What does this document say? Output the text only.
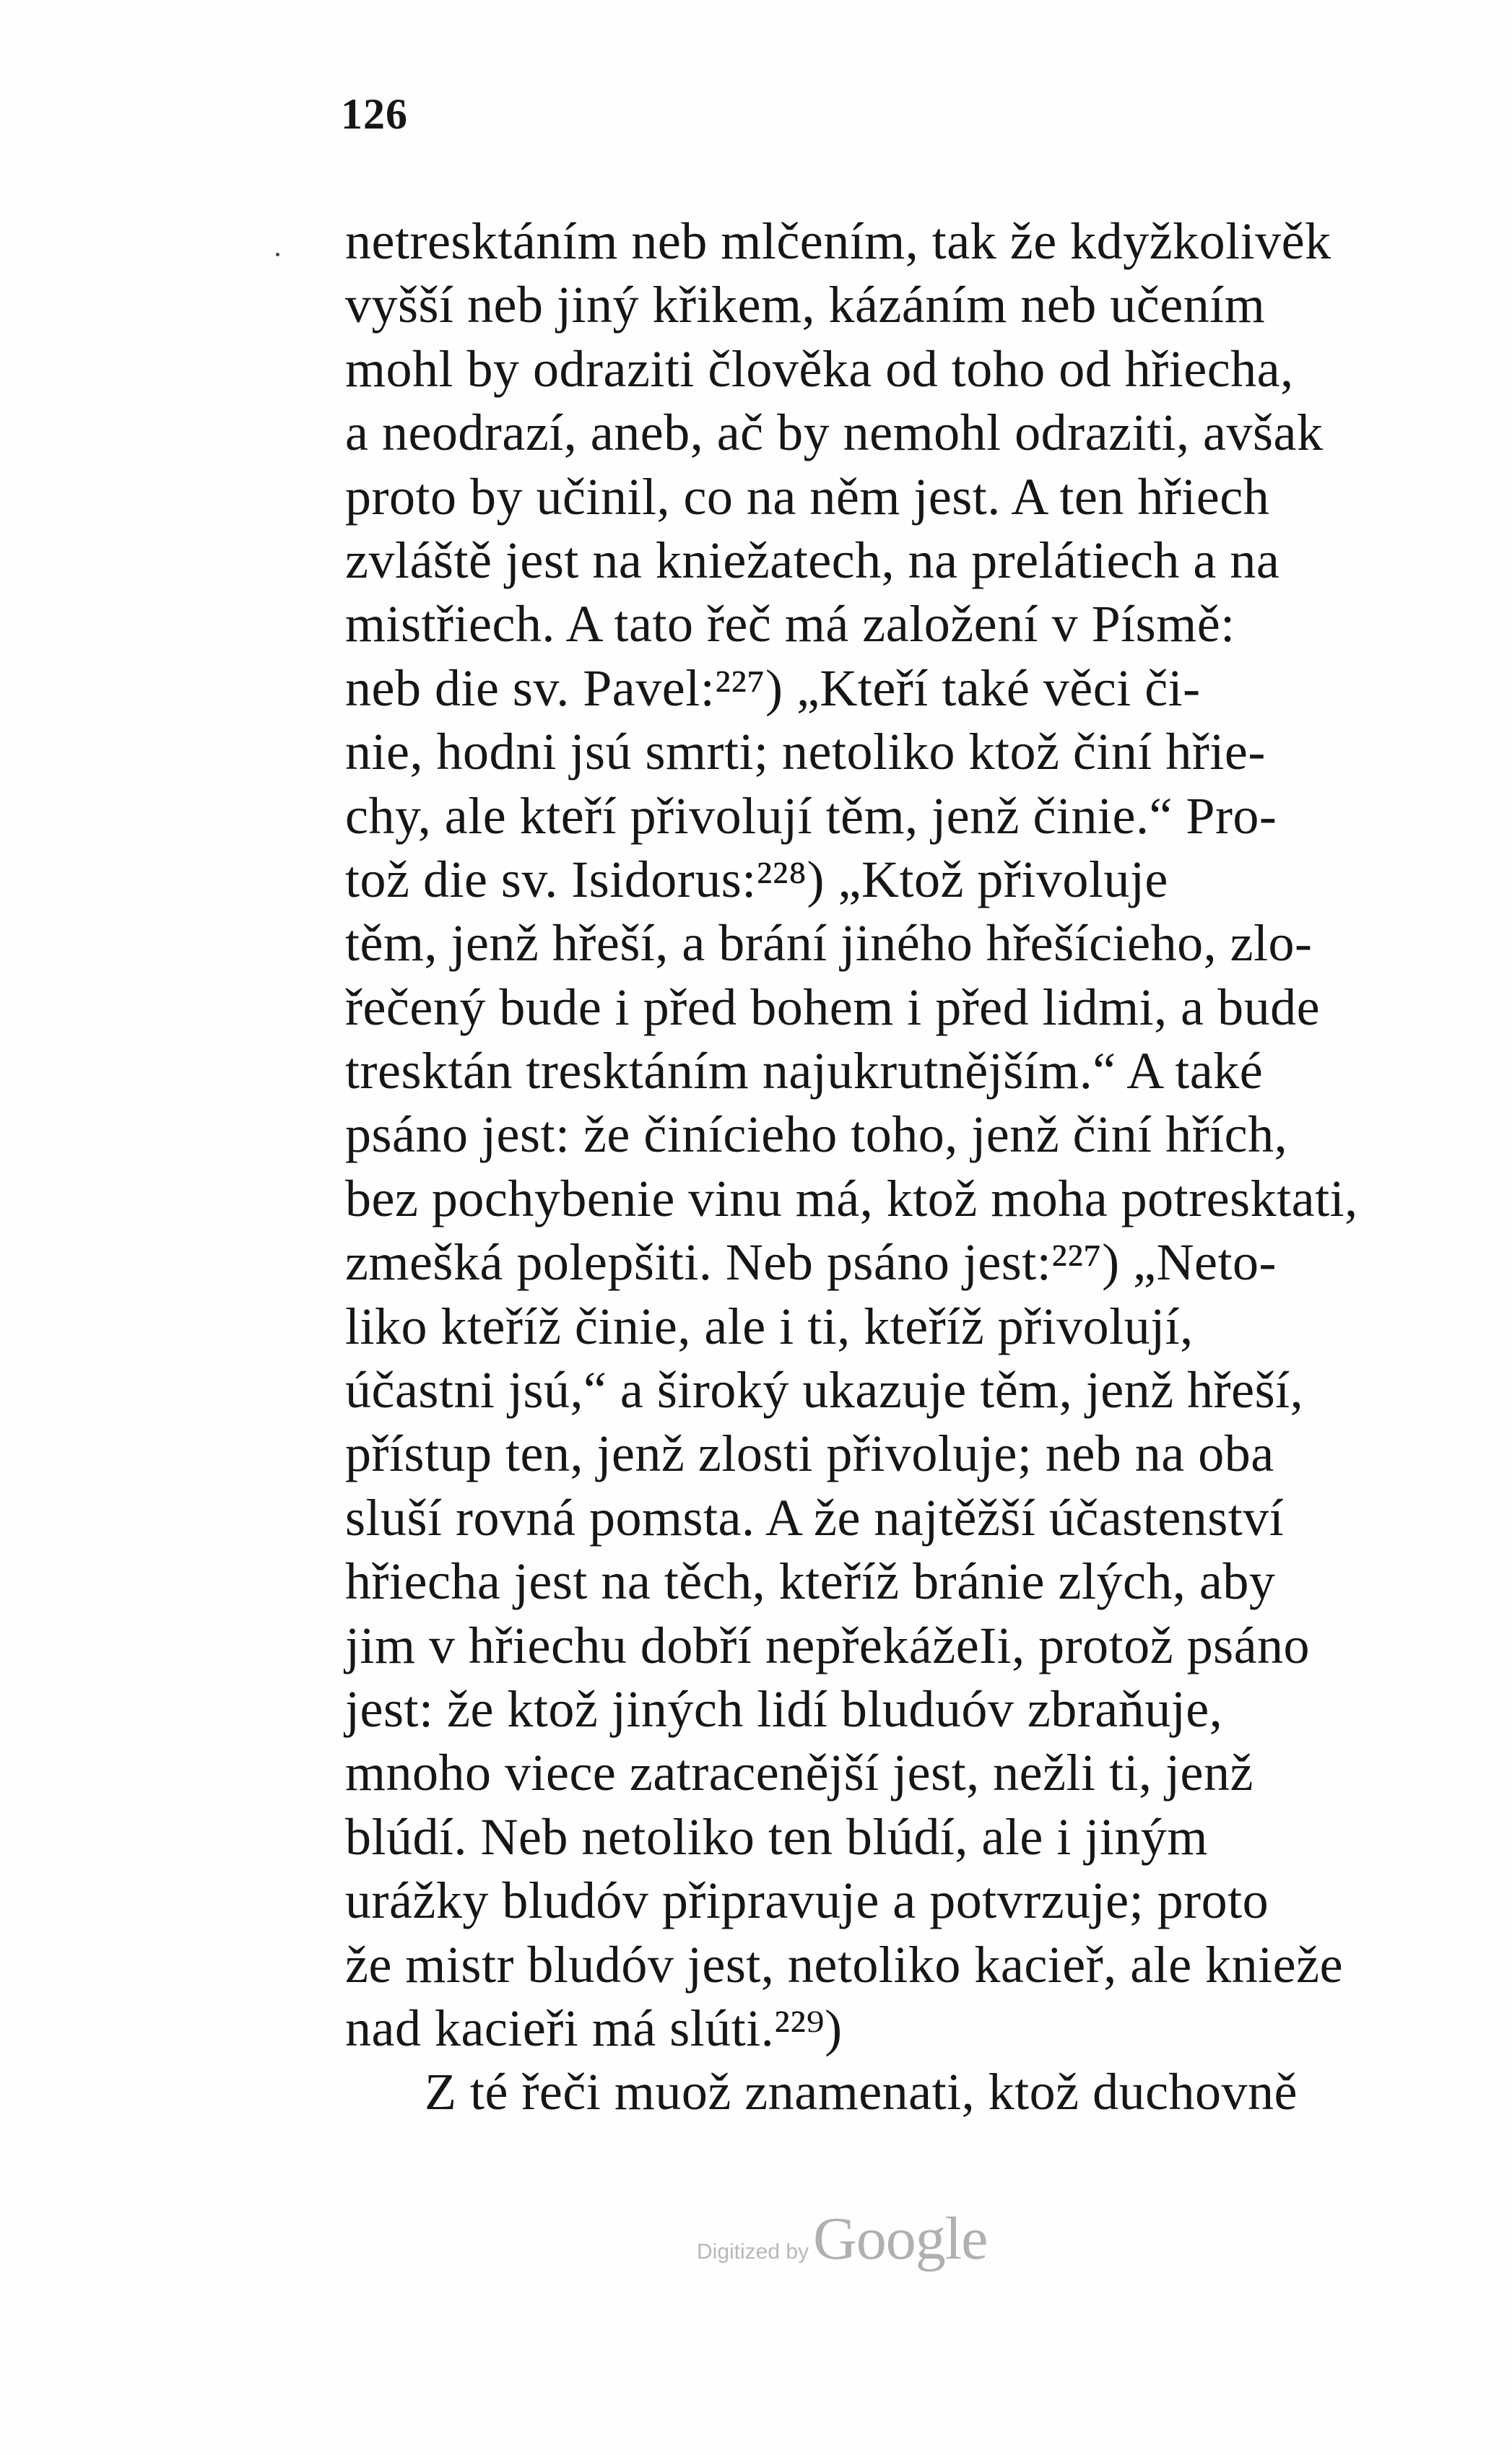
126
netresktáním neb mlčením, tak že kdyžkolivěk
vyšší neb jiný křikem, kázáním neb učením
mohl by odraziti člověka od toho od hřiecha,
a neodrazí, aneb, ač by nemohl odraziti, avšak
proto by učinil, co na něm jest. A ten hřiech
zvláště jest na kniežatech, na prelátiech a na
mistřiech. A tato řeč má založení v Písmě:
neb die sv. Pavel:²²⁷) „Kteří také věci či-
nie, hodni jsú smrti; netoliko ktož činí hřie-
chy, ale kteří přivolují těm, jenž činie.“ Pro-
tož die sv. Isidorus:²²⁸) „Ktož přivoluje
těm, jenž hřeší, a brání jiného hřešícieho, zlo-
řečený bude i před bohem i před lidmi, a bude
tresktán tresktáním najukrutnějším.“ A také
psáno jest: že činícieho toho, jenž činí hřích,
bez pochybenie vinu má, ktož moha potresktati,
zmešká polepšiti. Neb psáno jest:²²⁷) „Neto-
liko kteříž činie, ale i ti, kteříž přivolují,
účastni jsú,“ a široký ukazuje těm, jenž hřeší,
přístup ten, jenž zlosti přivoluje; neb na oba
sluší rovná pomsta. A že najtěžší účastenství
hřiecha jest na těch, kteříž bránie zlých, aby
jim v hřiechu dobří nepřekážeIi, protož psáno
jest: že ktož jiných lidí bluduóv zbraňuje,
mnoho viece zatracenější jest, nežli ti, jenž
blúdí. Neb netoliko ten blúdí, ale i jiným
urážky bludóv připravuje a potvrzuje; proto
že mistr bludóv jest, netoliko kacieř, ale knieže
nad kacieři má slúti.²²⁹)
Z té řeči muož znamenati, ktož duchovně
Digitized by Google
